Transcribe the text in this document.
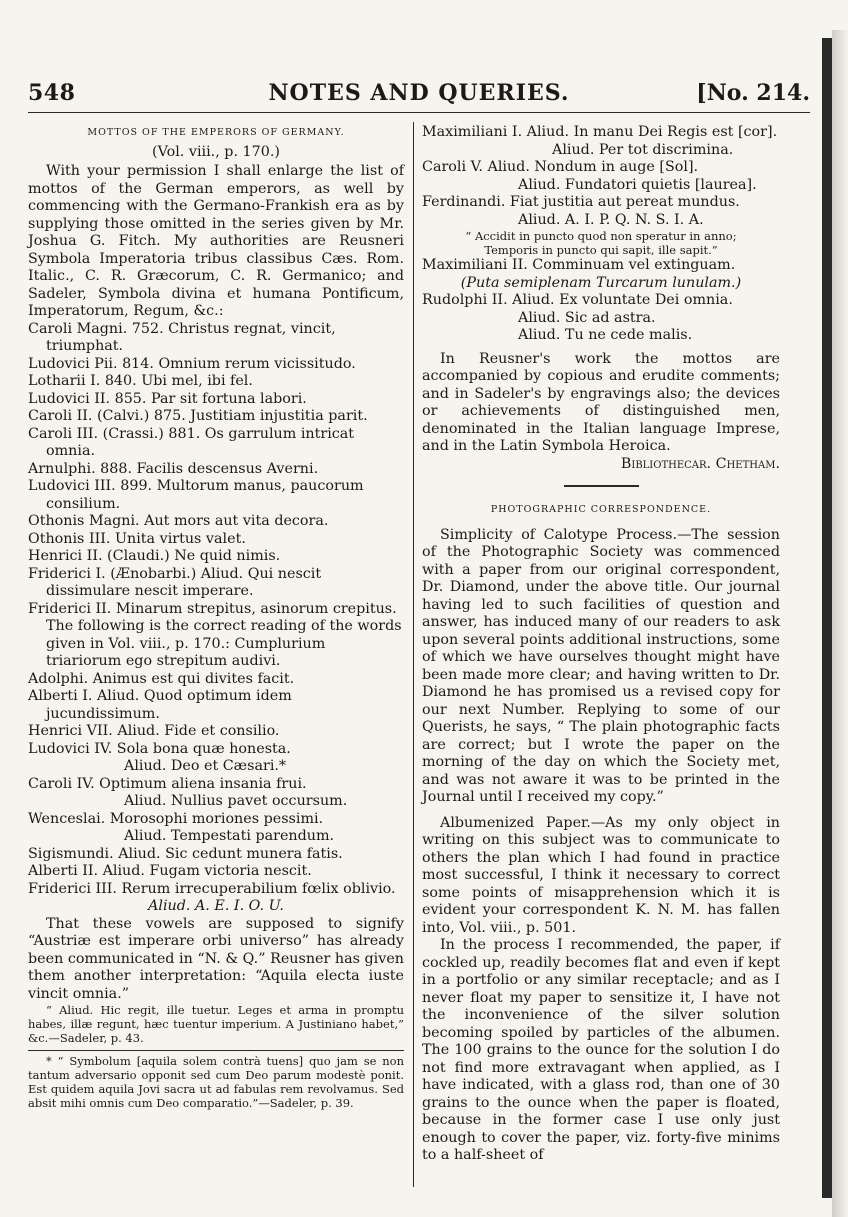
548	NOTES AND QUERIES.	[No. 214.

MOTTOS OF THE EMPERORS OF GERMANY.

(Vol. viii., p. 170.)

With your permission I shall enlarge the list of mottos of the German emperors, as well by commencing with the Germano-Frankish era as by supplying those omitted in the series given by Mr. Joshua G. Fitch. My authorities are Reusneri Symbola Imperatoria tribus classibus Cæs. Rom. Italic., C. R. Græcorum, C. R. Germanico; and Sadeler, Symbola divina et humana Pontificum, Imperatorum, Regum, &c.:

Caroli Magni. 752. Christus regnat, vincit, triumphat.

Ludovici Pii. 814. Omnium rerum vicissitudo.

Lotharii I. 840. Ubi mel, ibi fel.

Ludovici II. 855. Par sit fortuna labori.

Caroli II. (Calvi.) 875. Justitiam injustitia parit.

Caroli III. (Crassi.) 881. Os garrulum intricat omnia.

Arnulphi. 888. Facilis descensus Averni.

Ludovici III. 899. Multorum manus, paucorum consilium.

Othonis Magni. Aut mors aut vita decora.

Othonis III. Unita virtus valet.

Henrici II. (Claudi.) Ne quid nimis.

Friderici I. (Ænobarbi.) Aliud. Qui nescit dissimulare nescit imperare.

Friderici II. Minarum strepitus, asinorum crepitus.

The following is the correct reading of the words given in Vol. viii., p. 170.: Cumplurium triariorum ego strepitum audivi.

Adolphi. Animus est qui divites facit.

Alberti I. Aliud. Quod optimum idem jucundissimum.

Henrici VII. Aliud. Fide et consilio.

Ludovici IV. Sola bona quæ honesta.

Aliud. Deo et Cæsari.*

Caroli IV. Optimum aliena insania frui.

Aliud. Nullius pavet occursum.

Wenceslai. Morosophi moriones pessimi.

Aliud. Tempestati parendum.

Sigismundi. Aliud. Sic cedunt munera fatis.

Alberti II. Aliud. Fugam victoria nescit.

Friderici III. Rerum irrecuperabilium fœlix oblivio.

Aliud. A. E. I. O. U.

That these vowels are supposed to signify “Austriæ est imperare orbi universo” has already been communicated in “N. & Q.” Reusner has given them another interpretation: “Aquila electa iuste vincit omnia.”

“ Aliud. Hic regit, ille tuetur. Leges et arma in promptu habes, illæ regunt, hæc tuentur imperium. A Justiniano habet,” &c.—Sadeler, p. 43.

* “ Symbolum [aquila solem contrà tuens] quo jam se non tantum adversario opponit sed cum Deo parum modestè ponit. Est quidem aquila Jovi sacra ut ad fabulas rem revolvamus. Sed absit mihi omnis cum Deo comparatio.”—Sadeler, p. 39.

Maximiliani I. Aliud. In manu Dei Regis est [cor].

Aliud. Per tot discrimina.

Caroli V. Aliud. Nondum in auge [Sol].

Aliud. Fundatori quietis [laurea].

Ferdinandi. Fiat justitia aut pereat mundus.

Aliud. A. I. P. Q. N. S. I. A.

“ Accidit in puncto quod non speratur in anno;

Temporis in puncto qui sapit, ille sapit.”

Maximiliani II. Comminuam vel extinguam.

(Puta semiplenam Turcarum lunulam.)

Rudolphi II. Aliud. Ex voluntate Dei omnia.

Aliud. Sic ad astra.

Aliud. Tu ne cede malis.

In Reusner's work the mottos are accompanied by copious and erudite comments; and in Sadeler's by engravings also; the devices or achievements of distinguished men, denominated in the Italian language Imprese, and in the Latin Symbola Heroica.

Bibliothecar. Chetham.

PHOTOGRAPHIC CORRESPONDENCE.

Simplicity of Calotype Process.—The session of the Photographic Society was commenced with a paper from our original correspondent, Dr. Diamond, under the above title. Our journal having led to such facilities of question and answer, has induced many of our readers to ask upon several points additional instructions, some of which we have ourselves thought might have been made more clear; and having written to Dr. Diamond he has promised us a revised copy for our next Number. Replying to some of our Querists, he says, “ The plain photographic facts are correct; but I wrote the paper on the morning of the day on which the Society met, and was not aware it was to be printed in the Journal until I received my copy.”

Albumenized Paper.—As my only object in writing on this subject was to communicate to others the plan which I had found in practice most successful, I think it necessary to correct some points of misapprehension which it is evident your correspondent K. N. M. has fallen into, Vol. viii., p. 501.

In the process I recommended, the paper, if cockled up, readily becomes flat and even if kept in a portfolio or any similar receptacle; and as I never float my paper to sensitize it, I have not the inconvenience of the silver solution becoming spoiled by particles of the albumen. The 100 grains to the ounce for the solution I do not find more extravagant when applied, as I have indicated, with a glass rod, than one of 30 grains to the ounce when the paper is floated, because in the former case I use only just enough to cover the paper, viz. forty-five minims to a half-sheet of
